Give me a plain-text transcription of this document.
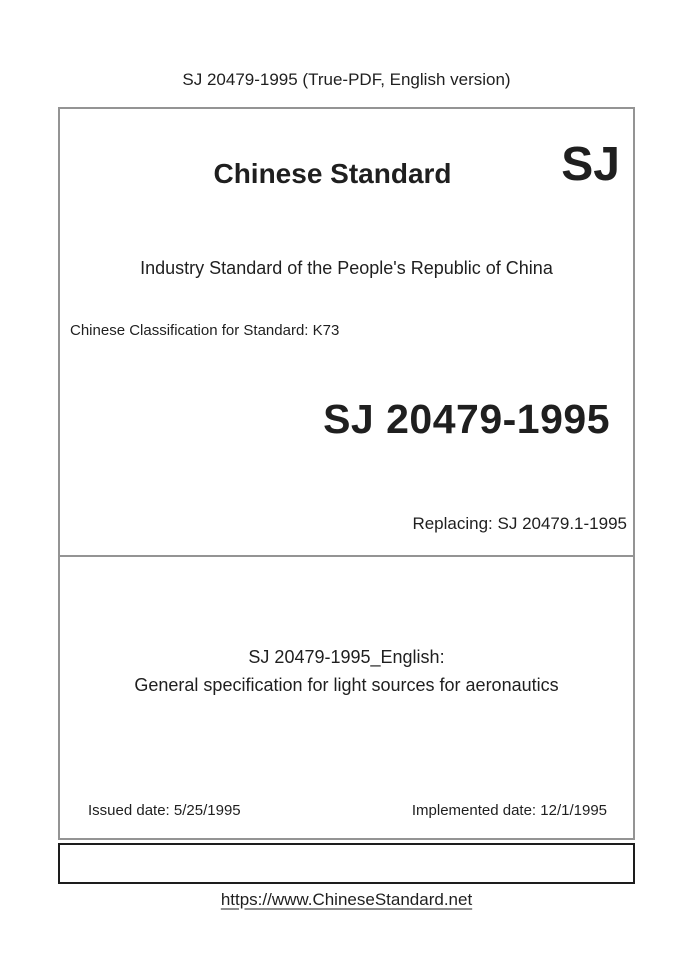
SJ 20479-1995 (True-PDF, English version)
Chinese Standard	SJ
Industry Standard of the People's Republic of China
Chinese Classification for Standard: K73
SJ 20479-1995
Replacing: SJ 20479.1-1995
SJ 20479-1995_English:
General specification for light sources for aeronautics
Issued date: 5/25/1995	Implemented date: 12/1/1995
https://www.ChineseStandard.net
